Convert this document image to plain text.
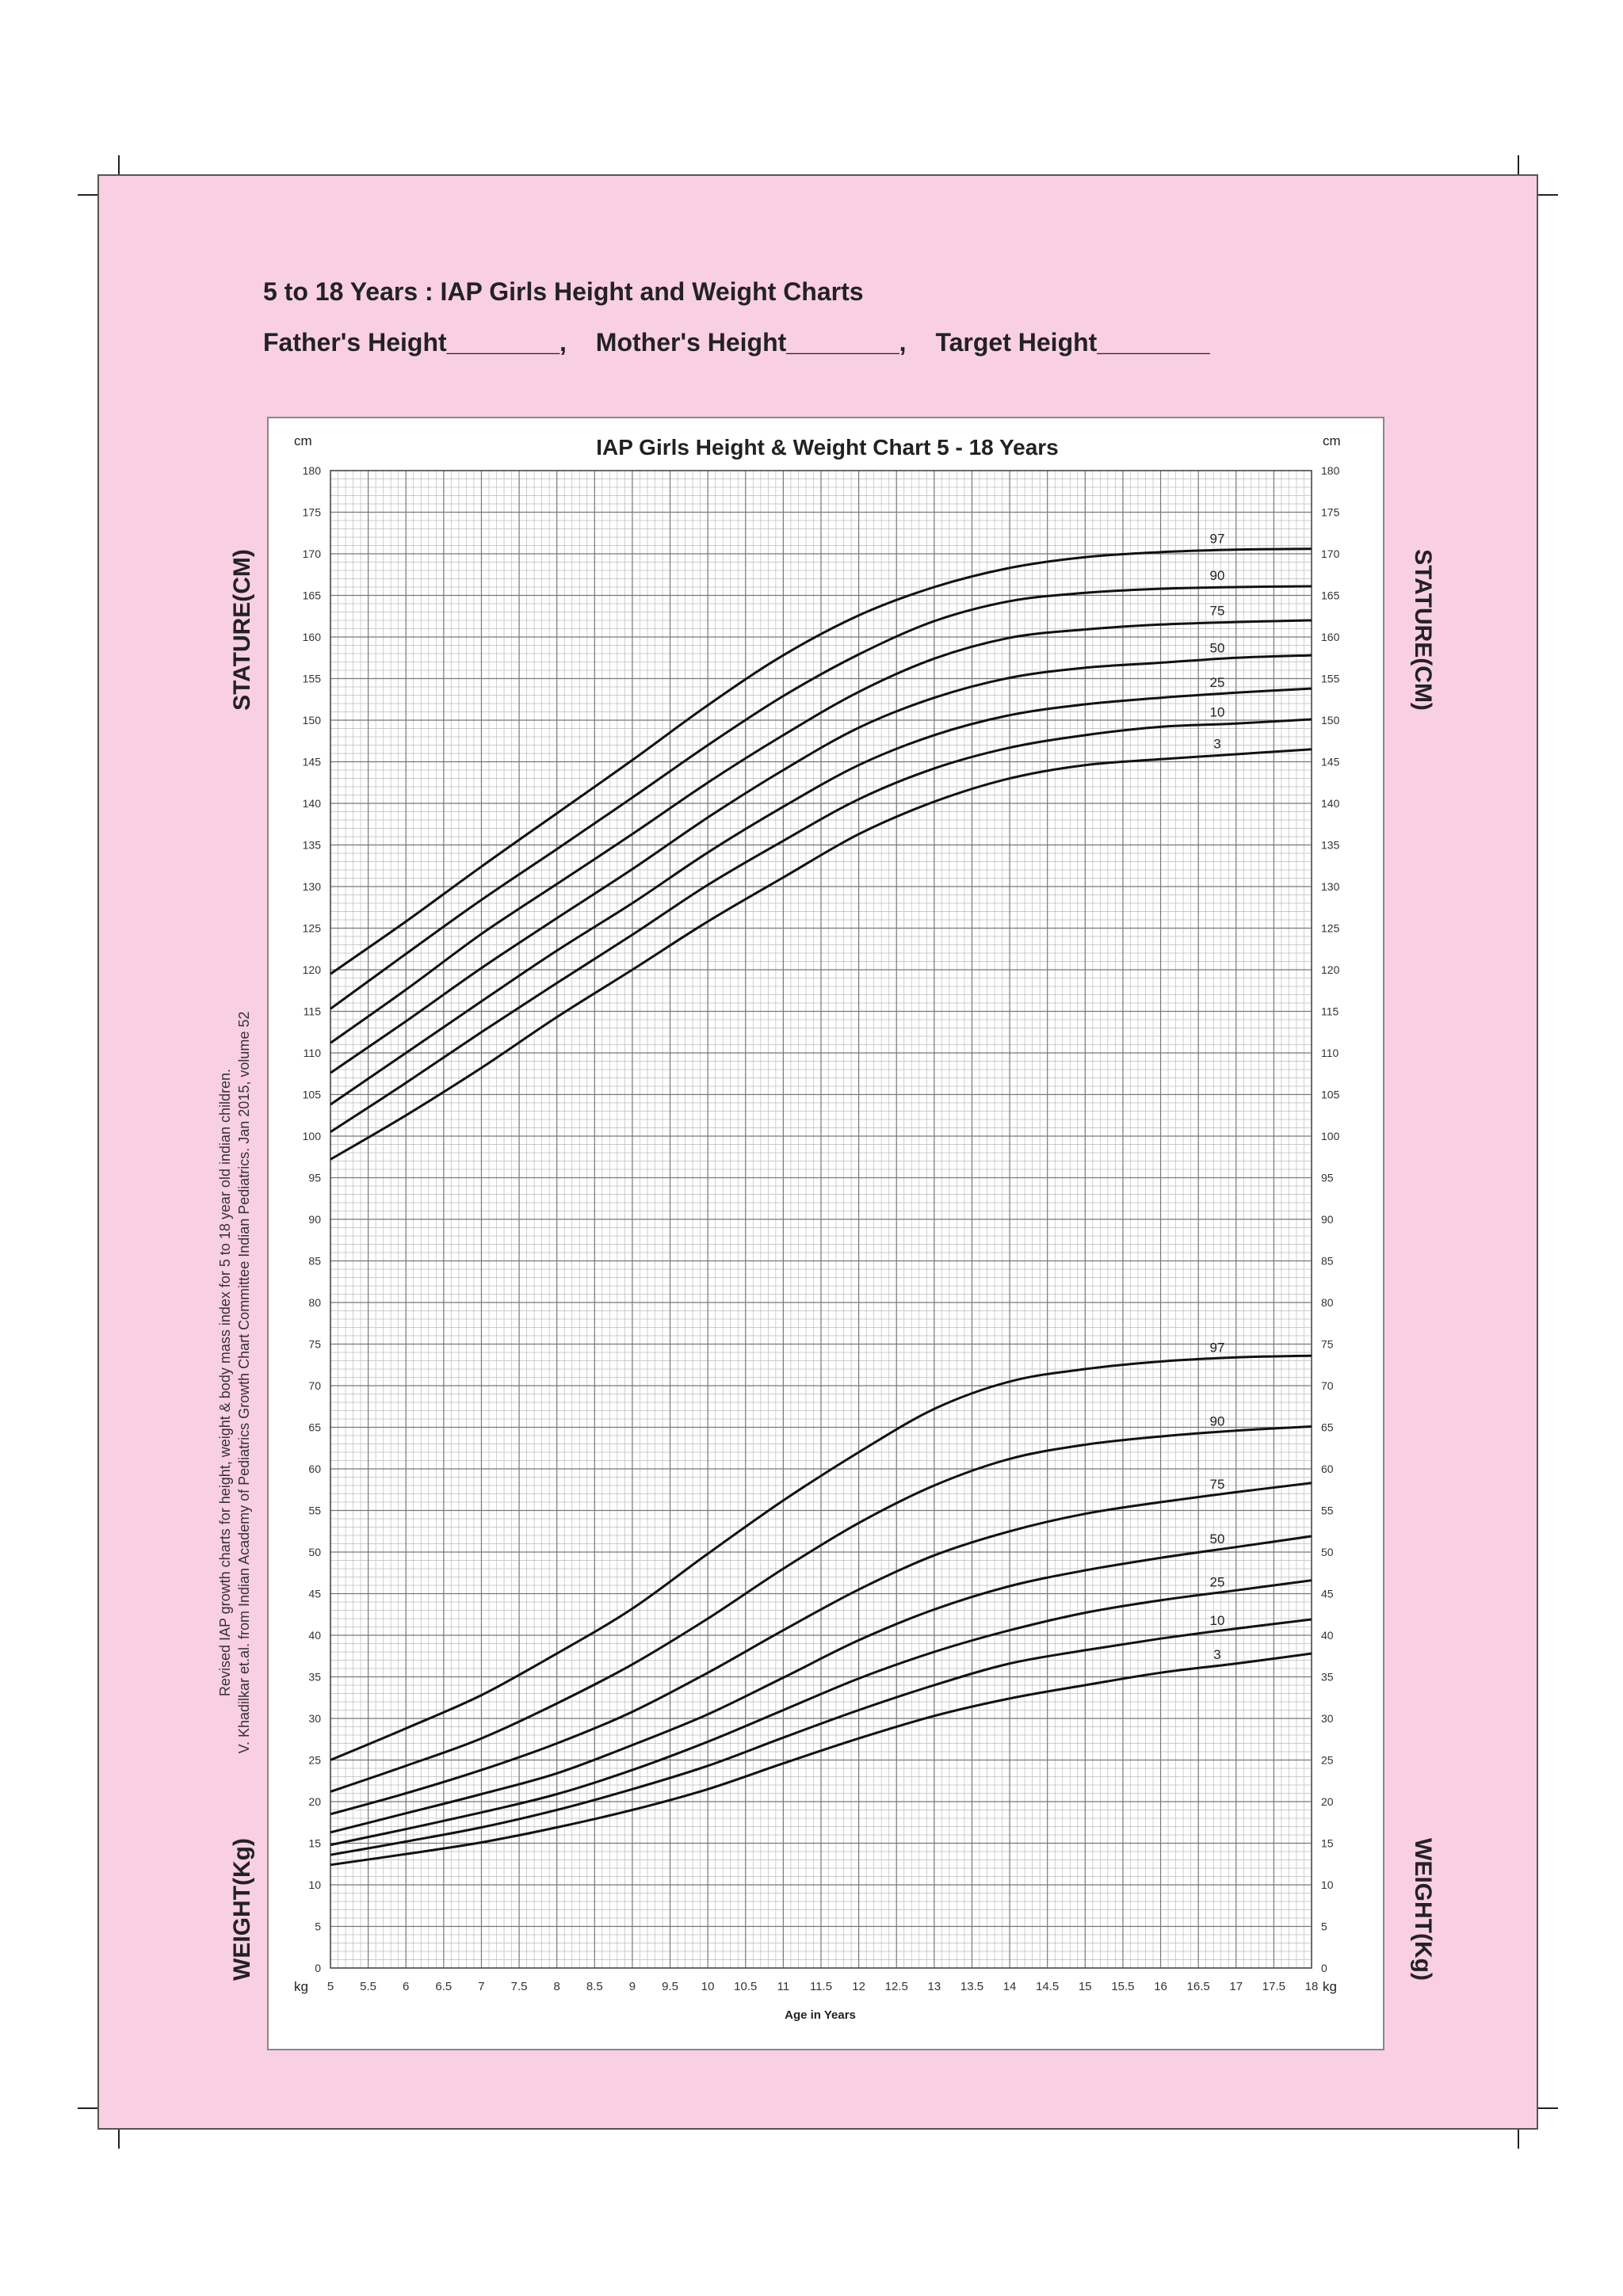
5 to 18 Years : IAP Girls Height and Weight Charts
Father's Height________, Mother's Height________, Target Height________
STATURE(CM)
WEIGHT(Kg)
STATURE(CM)
WEIGHT(Kg)
Revised IAP growth charts for height, weight & body mass index for 5 to 18 year old indian children. V. Khadilkar et.al. from Indian Academy of Pediatrics Growth Chart Committee Indian Pediatrics. Jan 2015, volume 52
97
90
75
50
25
10
3
97
90
75
50
25
10
3
0	0
5	5
10	10
15	15
20	20
25	25
30	30
35	35
40	40
45	45
50	50
55	55
60	60
65	65
70	70
75	75
80	80
85	85
90	90
95	95
100	100
105	105
110	110
115	115
120	120
125	125
130	130
135	135
140	140
145	145
150	150
155	155
160	160
165	165
170	170
175	175
180	180
5 5.5 6 6.5 7 7.5 8 8.5 9 9.5 10 10.5 11 11.5 12 12.5 13 13.5 14 14.5 15 15.5 16 16.5 17 17.5 18
IAP Girls Height & Weight Chart 5 - 18 Years
Age in Years
cm	cm
kg	kg
